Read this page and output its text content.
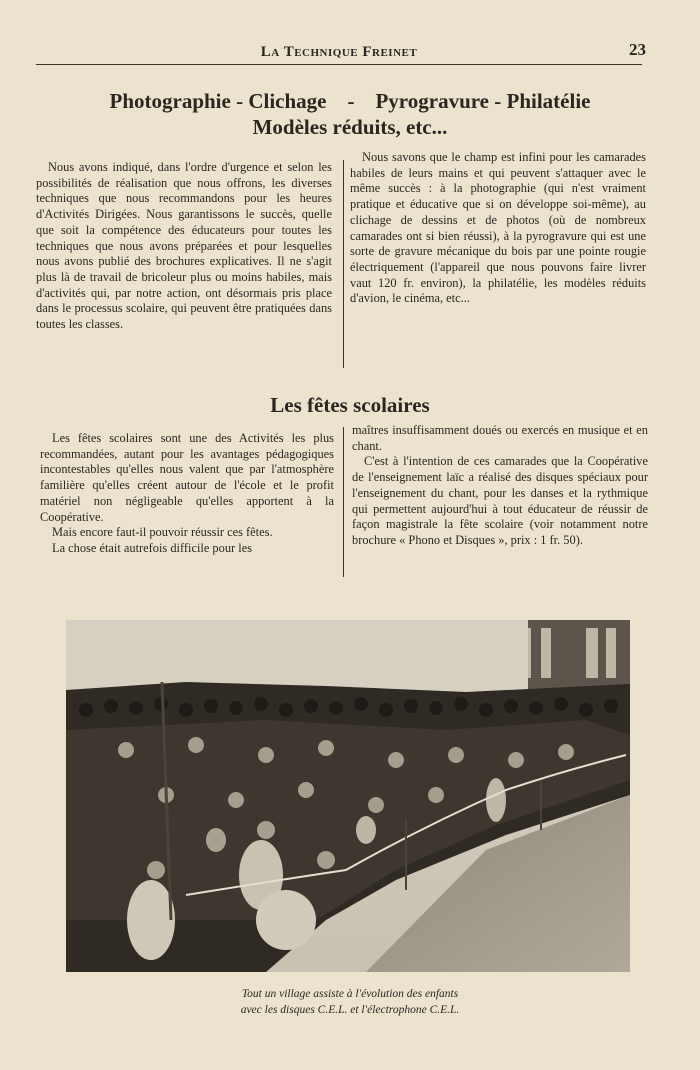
La Technique Freinet	23
Photographie - Clichage    -    Pyrogravure - Philatélie
Modèles réduits, etc...

Nous avons indiqué, dans l'ordre d'urgence et selon les possibilités de réalisation que nous offrons, les diverses techniques que nous recommandons pour les heures d'Activités Dirigées. Nous garantissons le succès, quelle que soit la compétence des éducateurs pour toutes les techniques que nous avons préparées et pour lesquelles nous avons publié des brochures explicatives. Il ne s'agit plus là de travail de bricoleur plus ou moins habiles, mais d'activités qui, par notre action, ont désormais pris place dans le processus scolaire, qui peuvent être pratiquées dans toutes les classes.

Nous savons que le champ est infini pour les camarades habiles de leurs mains et qui peuvent s'attaquer avec le même succès : à la photographie (qui n'est vraiment pratique et éducative que si on développe soi-même), au clichage de dessins et de photos (où de nombreux camarades ont si bien réussi), à la pyrogravure qui est une sorte de gravure mécanique du bois par une pointe rougie électriquement (l'appareil que nous pouvons faire livrer vaut 120 fr. environ), la philatélie, les modèles réduits d'avion, le cinéma, etc...

Les fêtes scolaires

Les fêtes scolaires sont une des Activités les plus recommandées, autant pour les avantages pédagogiques incontestables qu'elles nous valent que par l'atmosphère familière qu'elles créent autour de l'école et le profit matériel non négligeable qu'elles apportent à la Coopérative.

Mais encore faut-il pouvoir réussir ces fêtes.

La chose était autrefois difficile pour les

maîtres insuffisamment doués ou exercés en musique et en chant.

C'est à l'intention de ces camarades que la Coopérative de l'enseignement laïc a réalisé des disques spéciaux pour l'enseignement du chant, pour les danses et la rythmique qui permettent aujourd'hui à tout éducateur de réussir de façon magistrale la fête scolaire (voir notamment notre brochure « Phono et Disques », prix : 1 fr. 50).

Tout un village assiste à l'évolution des enfants
avec les disques C.E.L. et l'électrophone C.E.L.
